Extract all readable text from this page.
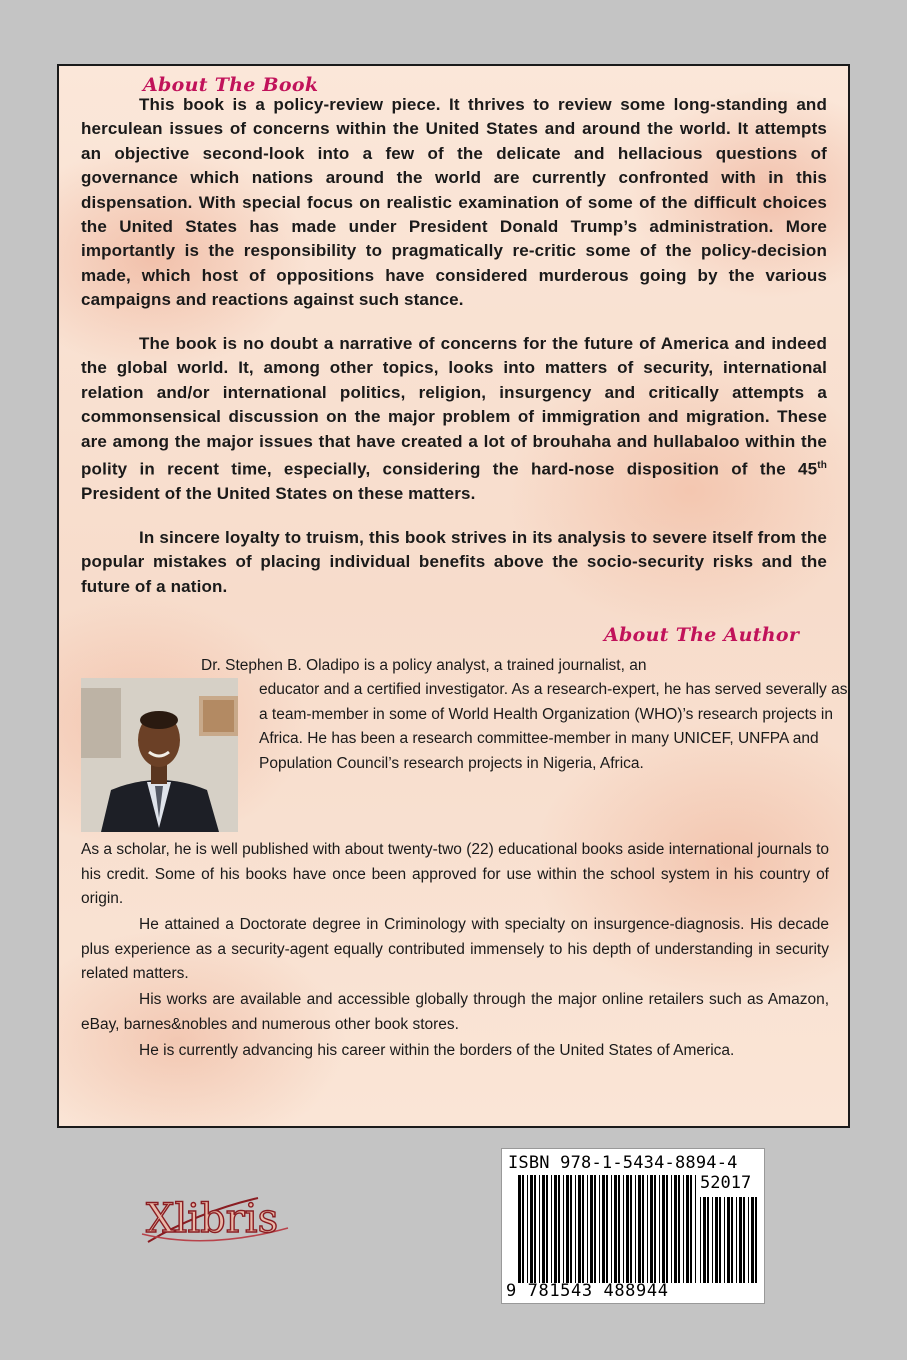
About The Book

This book is a policy-review piece. It thrives to review some long-standing and herculean issues of concerns within the United States and around the world. It attempts an objective second-look into a few of the delicate and hellacious questions of governance which nations around the world are currently confronted with in this dispensation. With special focus on realistic examination of some of the difficult choices the United States has made under President Donald Trump’s administration. More importantly is the responsibility to pragmatically re-critic some of the policy-decision made, which host of oppositions have considered murderous going by the various campaigns and reactions against such stance.

The book is no doubt a narrative of concerns for the future of America and indeed the global world. It, among other topics, looks into matters of security, international relation and/or international politics, religion, insurgency and critically attempts a commonsensical discussion on the major problem of immigration and migration. These are among the major issues that have created a lot of brouhaha and hullabaloo within the polity in recent time, especially, considering the hard-nose disposition of the 45th President of the United States on these matters.

In sincere loyalty to truism, this book strives in its analysis to severe itself from the popular mistakes of placing individual benefits above the socio-security risks and the future of a nation.

About The Author

Dr. Stephen B. Oladipo is a policy analyst, a trained journalist, an

educator and a certified investigator. As a research-expert, he has served severally as a team-member in some of World Health Organization (WHO)’s research projects in Africa. He has been a research committee-member in many UNICEF, UNFPA and Population Council’s research projects in Nigeria, Africa.

As a scholar, he is well published with about twenty-two (22) educational books aside international journals to his credit. Some of his books have once been approved for use within the school system in his country of origin.

He attained a Doctorate degree in Criminology with specialty on insurgence-diagnosis. His decade plus experience as a security-agent equally contributed immensely to his depth of understanding in security related matters.

His works are available and accessible globally through the major online retailers such as Amazon, eBay, barnes&nobles and numerous other book stores.

He is currently advancing his career within the borders of the United States of America.

Xlibris
ISBN 978-1-5434-8894-4
52017
9 781543 488944
